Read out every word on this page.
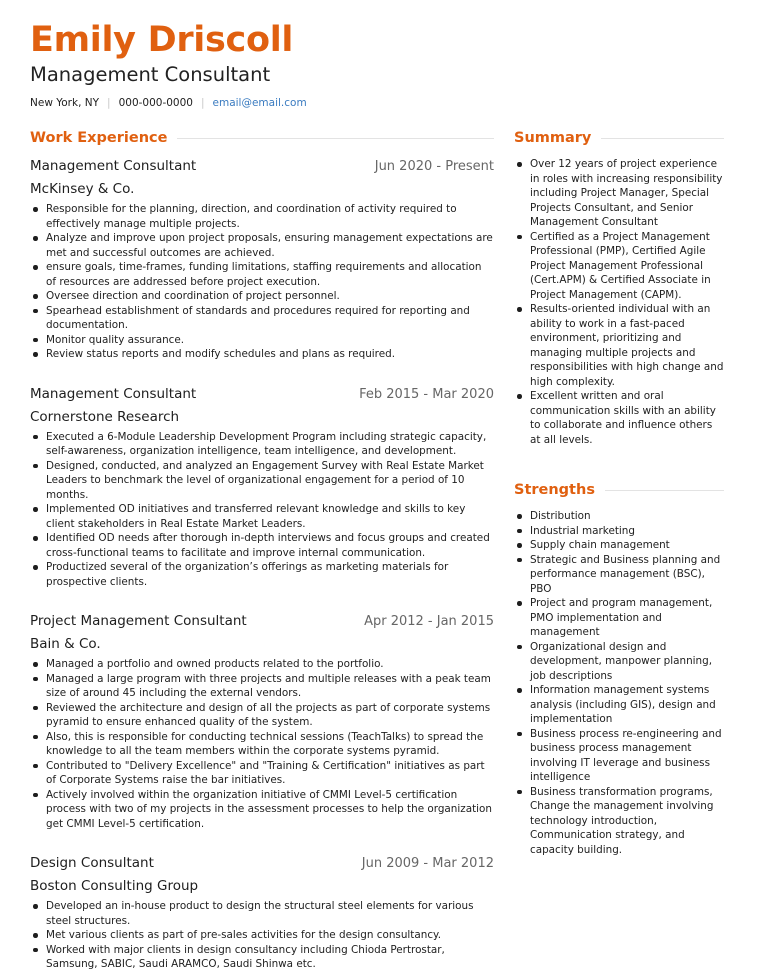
Emily Driscoll
Management Consultant
New York, NY | 000-000-0000 | email@email.com
Work Experience
Management Consultant	Jun 2020 - Present
McKinsey & Co.
Responsible for the planning, direction, and coordination of activity required to effectively manage multiple projects.
Analyze and improve upon project proposals, ensuring management expectations are met and successful outcomes are achieved.
ensure goals, time-frames, funding limitations, staffing requirements and allocation of resources are addressed before project execution.
Oversee direction and coordination of project personnel.
Spearhead establishment of standards and procedures required for reporting and documentation.
Monitor quality assurance.
Review status reports and modify schedules and plans as required.
Management Consultant	Feb 2015 - Mar 2020
Cornerstone Research
Executed a 6-Module Leadership Development Program including strategic capacity, self-awareness, organization intelligence, team intelligence, and development.
Designed, conducted, and analyzed an Engagement Survey with Real Estate Market Leaders to benchmark the level of organizational engagement for a period of 10 months.
Implemented OD initiatives and transferred relevant knowledge and skills to key client stakeholders in Real Estate Market Leaders.
Identified OD needs after thorough in-depth interviews and focus groups and created cross-functional teams to facilitate and improve internal communication.
Productized several of the organization’s offerings as marketing materials for prospective clients.
Project Management Consultant	Apr 2012 - Jan 2015
Bain & Co.
Managed a portfolio and owned products related to the portfolio.
Managed a large program with three projects and multiple releases with a peak team size of around 45 including the external vendors.
Reviewed the architecture and design of all the projects as part of corporate systems pyramid to ensure enhanced quality of the system.
Also, this is responsible for conducting technical sessions (TeachTalks) to spread the knowledge to all the team members within the corporate systems pyramid.
Contributed to "Delivery Excellence" and "Training & Certification" initiatives as part of Corporate Systems raise the bar initiatives.
Actively involved within the organization initiative of CMMI Level-5 certification process with two of my projects in the assessment processes to help the organization get CMMI Level-5 certification.
Design Consultant	Jun 2009 - Mar 2012
Boston Consulting Group
Developed an in-house product to design the structural steel elements for various steel structures.
Met various clients as part of pre-sales activities for the design consultancy.
Worked with major clients in design consultancy including Chioda Pertrostar, Samsung, SABIC, Saudi ARAMCO, Saudi Shinwa etc.
Summary
Over 12 years of project experience in roles with increasing responsibility including Project Manager, Special Projects Consultant, and Senior Management Consultant
Certified as a Project Management Professional (PMP), Certified Agile Project Management Professional (Cert.APM) & Certified Associate in Project Management (CAPM).
Results-oriented individual with an ability to work in a fast-paced environment, prioritizing and managing multiple projects and responsibilities with high change and high complexity.
Excellent written and oral communication skills with an ability to collaborate and influence others at all levels.
Strengths
Distribution
Industrial marketing
Supply chain management
Strategic and Business planning and performance management (BSC), PBO
Project and program management, PMO implementation and management
Organizational design and development, manpower planning, job descriptions
Information management systems analysis (including GIS), design and implementation
Business process re-engineering and business process management involving IT leverage and business intelligence
Business transformation programs, Change the management involving technology introduction, Communication strategy, and capacity building.
